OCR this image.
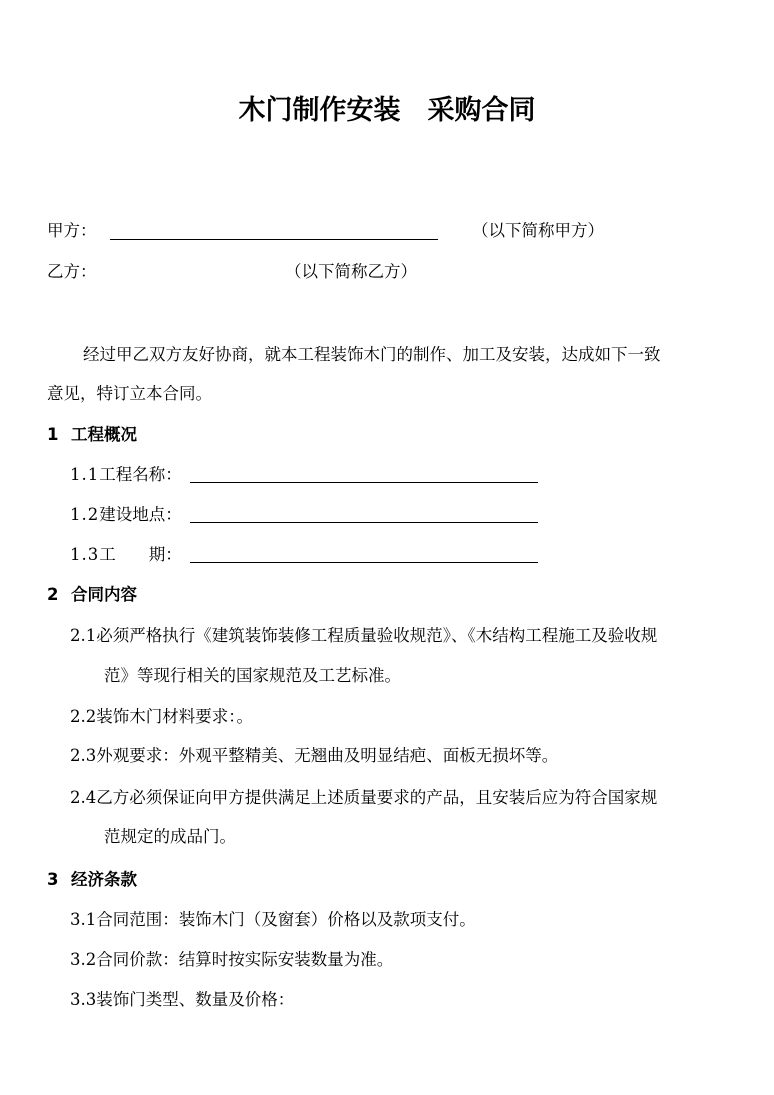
木门制作安装　采购合同
甲方：	（以下简称甲方）
乙方：	（以下简称乙方）
经过甲乙双方友好协商，就本工程装饰木门的制作、加工及安装，达成如下一致
意见，特订立本合同。
1 工程概况
1.1工程名称：
1.2建设地点：
1.3工　　期：
2 合同内容
2.1必须严格执行《建筑装饰装修工程质量验收规范》、《木结构工程施工及验收规
范》等现行相关的国家规范及工艺标准。
2.2装饰木门材料要求：。
2.3外观要求：外观平整精美、无翘曲及明显结疤、面板无损坏等。
2.4乙方必须保证向甲方提供满足上述质量要求的产品，且安装后应为符合国家规
范规定的成品门。
3 经济条款
3.1合同范围：装饰木门（及窗套）价格以及款项支付。
3.2合同价款：结算时按实际安装数量为准。
3.3装饰门类型、数量及价格：
